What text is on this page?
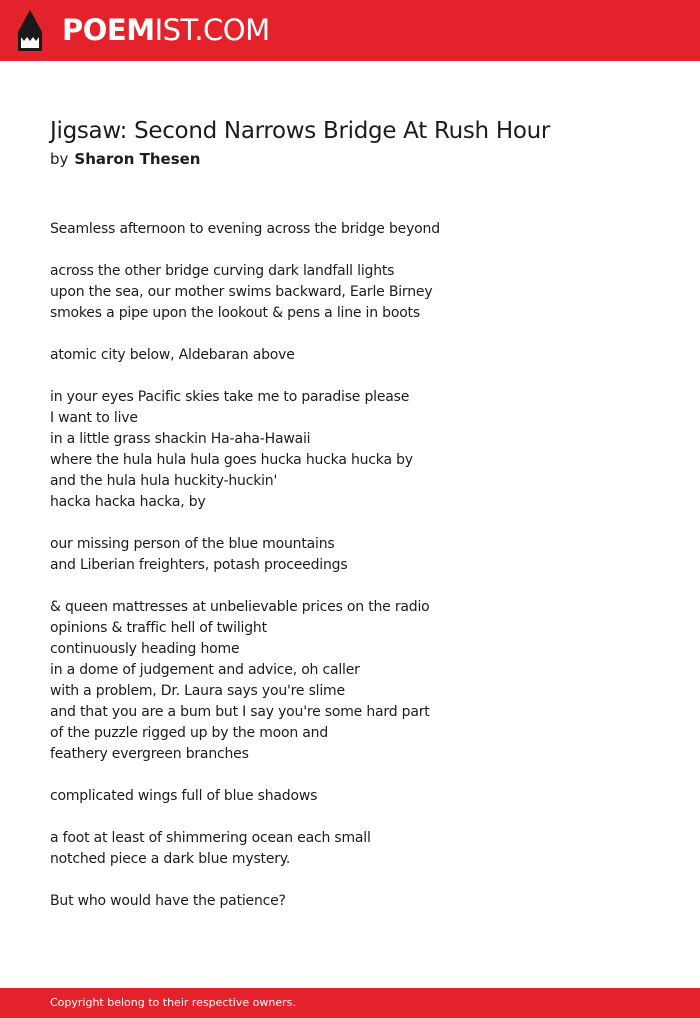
POEMIST.COM
Jigsaw: Second Narrows Bridge At Rush Hour
by Sharon Thesen
Seamless afternoon to evening across the bridge beyond
across the other bridge curving dark landfall lights
upon the sea, our mother swims backward, Earle Birney
smokes a pipe upon the lookout & pens a line in boots
atomic city below, Aldebaran above
in your eyes Pacific skies take me to paradise please
I want to live
in a little grass shackin Ha-aha-Hawaii
where the hula hula hula goes hucka hucka hucka by
and the hula hula huckity-huckin'
hacka hacka hacka, by
our missing person of the blue mountains
and Liberian freighters, potash proceedings
& queen mattresses at unbelievable prices on the radio
opinions & traffic hell of twilight
continuously heading home
in a dome of judgement and advice, oh caller
with a problem, Dr. Laura says you're slime
and that you are a bum but I say you're some hard part
of the puzzle rigged up by the moon and
feathery evergreen branches
complicated wings full of blue shadows
a foot at least of shimmering ocean each small
notched piece a dark blue mystery.
But who would have the patience?
Copyright belong to their respective owners.
